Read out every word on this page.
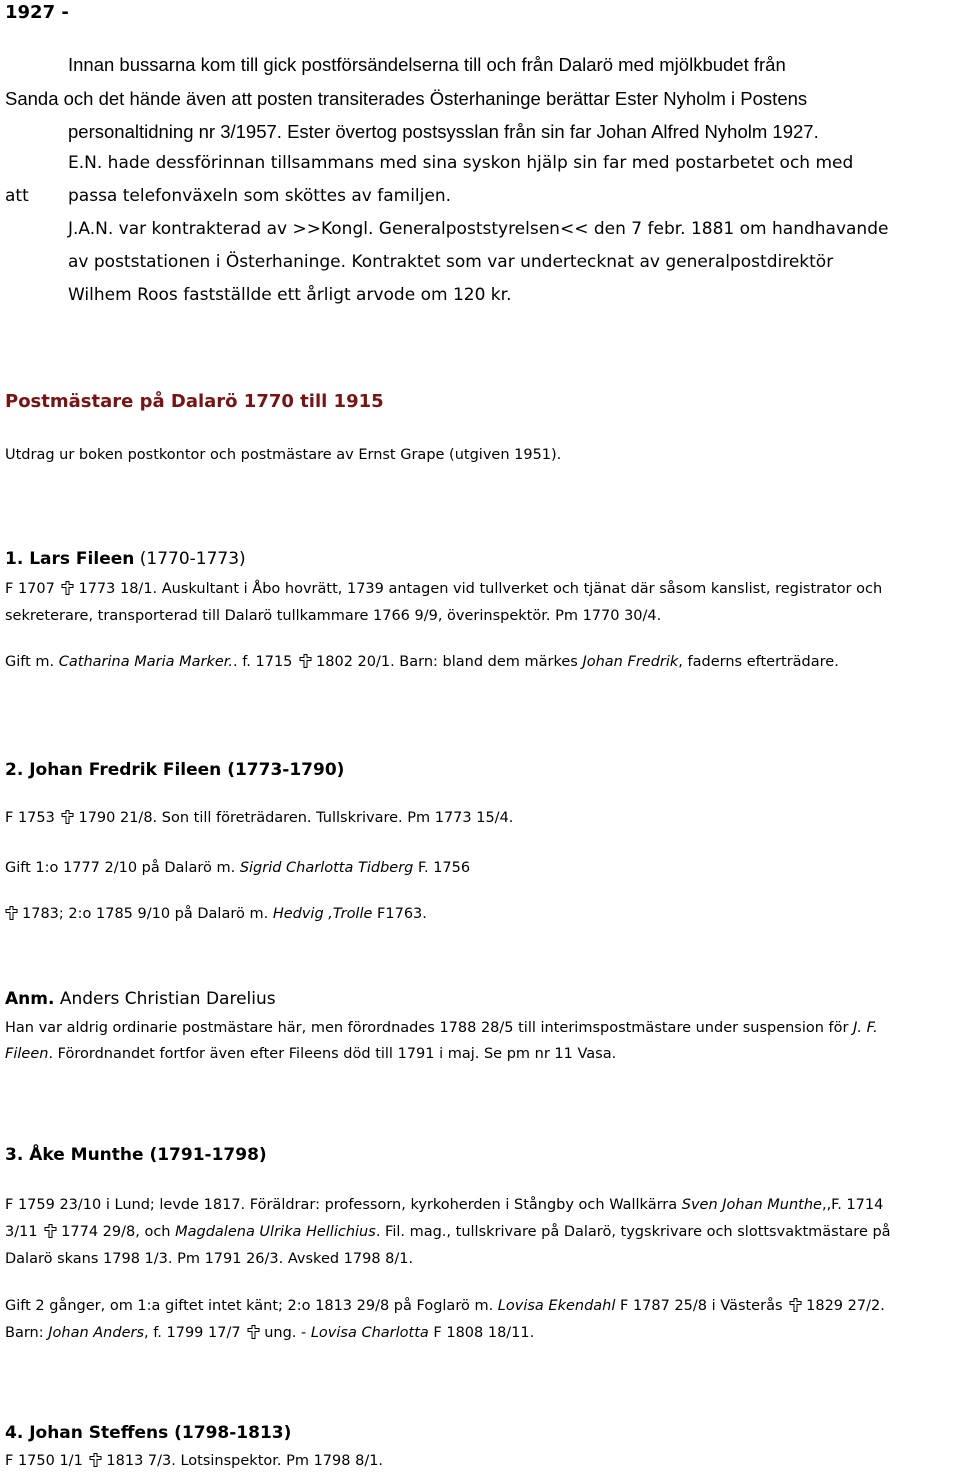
1927 -
Innan bussarna kom till gick postförsändelserna till och från Dalarö med mjölkbudet från
Sanda och det hände även att posten transiterades Österhaninge berättar Ester Nyholm i Postens
personaltidning nr 3/1957. Ester övertog postsysslan från sin far Johan Alfred Nyholm 1927.
E.N. hade dessförinnan tillsammans med sina syskon hjälp sin far med postarbetet och med
att passa telefonväxeln som sköttes av familjen.
J.A.N. var kontrakterad av >>Kongl. Generalpoststyrelsen<< den 7 febr. 1881 om handhavande
av poststationen i Österhaninge. Kontraktet som var undertecknat av generalpostdirektör
Wilhem Roos fastställde ett årligt arvode om 120 kr.
Postmästare på Dalarö 1770 till 1915
Utdrag ur boken postkontor och postmästare av Ernst Grape (utgiven 1951).
1. Lars Fileen (1770-1773)
F 1707 1773 18/1. Auskultant i Åbo hovrätt, 1739 antagen vid tullverket och tjänat där såsom kanslist, registrator och
sekreterare, transporterad till Dalarö tullkammare 1766 9/9, överinspektör. Pm 1770 30/4.
Gift m. Catharina Maria Marker.. f. 1715 1802 20/1. Barn: bland dem märkes Johan Fredrik, faderns efterträdare.
2. Johan Fredrik Fileen (1773-1790)
F 1753 1790 21/8. Son till företrädaren. Tullskrivare. Pm 1773 15/4.
Gift 1:o 1777 2/10 på Dalarö m. Sigrid Charlotta Tidberg F. 1756
1783; 2:o 1785 9/10 på Dalarö m. Hedvig ,Trolle F1763.
Anm. Anders Christian Darelius
Han var aldrig ordinarie postmästare här, men förordnades 1788 28/5 till interimspostmästare under suspension för J. F.
Fileen. Förordnandet fortfor även efter Fileens död till 1791 i maj. Se pm nr 11 Vasa.
3. Åke Munthe (1791-1798)
F 1759 23/10 i Lund; levde 1817. Föräldrar: professorn, kyrkoherden i Stångby och Wallkärra Sven Johan Munthe,,F. 1714
3/11 1774 29/8, och Magdalena Ulrika Hellichius. Fil. mag., tullskrivare på Dalarö, tygskrivare och slottsvaktmästare på
Dalarö skans 1798 1/3. Pm 1791 26/3. Avsked 1798 8/1.
Gift 2 gånger, om 1:a giftet intet känt; 2:o 1813 29/8 på Foglarö m. Lovisa Ekendahl F 1787 25/8 i Västerås 1829 27/2.
Barn: Johan Anders, f. 1799 17/7 ung. - Lovisa Charlotta F 1808 18/11.
4. Johan Steffens (1798-1813)
F 1750 1/1 1813 7/3. Lotsinspektor. Pm 1798 8/1.
